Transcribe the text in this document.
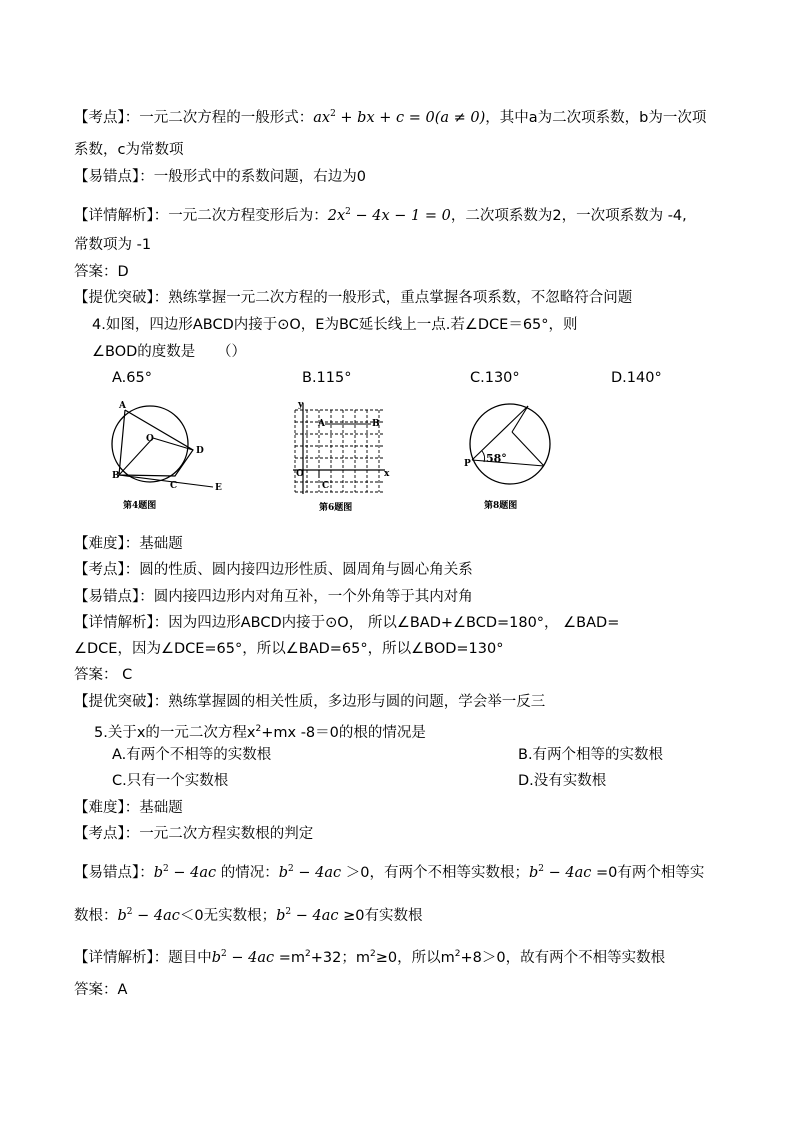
【考点】：一元二次方程的一般形式：$ax^2$ + bx + c = 0(a ≠ 0)，其中a为二次项系数，b为一次项
系数，c为常数项
【易错点】：一般形式中的系数问题，右边为0
【详情解析】：一元二次方程变形后为：$2x^2 - 4x - 1 = 0$，二次项系数为2，一次项系数为 -4,
常数项为 -1
答案：D
【提优突破】：熟练掌握一元二次方程的一般形式，重点掌握各项系数，不忽略符合问题
4.如图，四边形ABCD内接于⊙O，E为BC延长线上一点.若∠DCE＝65°，则
∠BOD的度数是　　（）
A.65°	B.115°	C.130°	D.140°
A
O
D
B
C	E
第4题图
y
A	B
O	x
C
第6题图
P 58°
第8题图
【难度】：基础题
【考点】：圆的性质、圆内接四边形性质、圆周角与圆心角关系
【易错点】：圆内接四边形内对角互补，一个外角等于其内对角
【详情解析】：因为四边形ABCD内接于⊙O， 所以∠BAD+∠BCD=180°， ∠BAD=
∠DCE，因为∠DCE=65°，所以∠BAD=65°，所以∠BOD=130°
答案： C
【提优突破】：熟练掌握圆的相关性质，多边形与圆的问题，学会举一反三
5.关于x的一元二次方程$x^2+mx$ -8＝0的根的情况是
A.有两个不相等的实数根	B.有两个相等的实数根
C.只有一个实数根	D.没有实数根
【难度】：基础题
【考点】：一元二次方程实数根的判定
【易错点】：$b^2 - 4ac$ 的情况：$b^2 - 4ac >0$，有两个不相等实数根；$b^2 - 4ac =0$有两个相等实
数根：$b^2 - 4ac<0$无实数根；$b^2 - 4ac \ge 0$有实数根
【详情解析】：题目中$b^2 - 4ac =m^2+32$；$m^2\ge 0$，所以$m^2+8>0$，故有两个不相等实数根
答案：A
